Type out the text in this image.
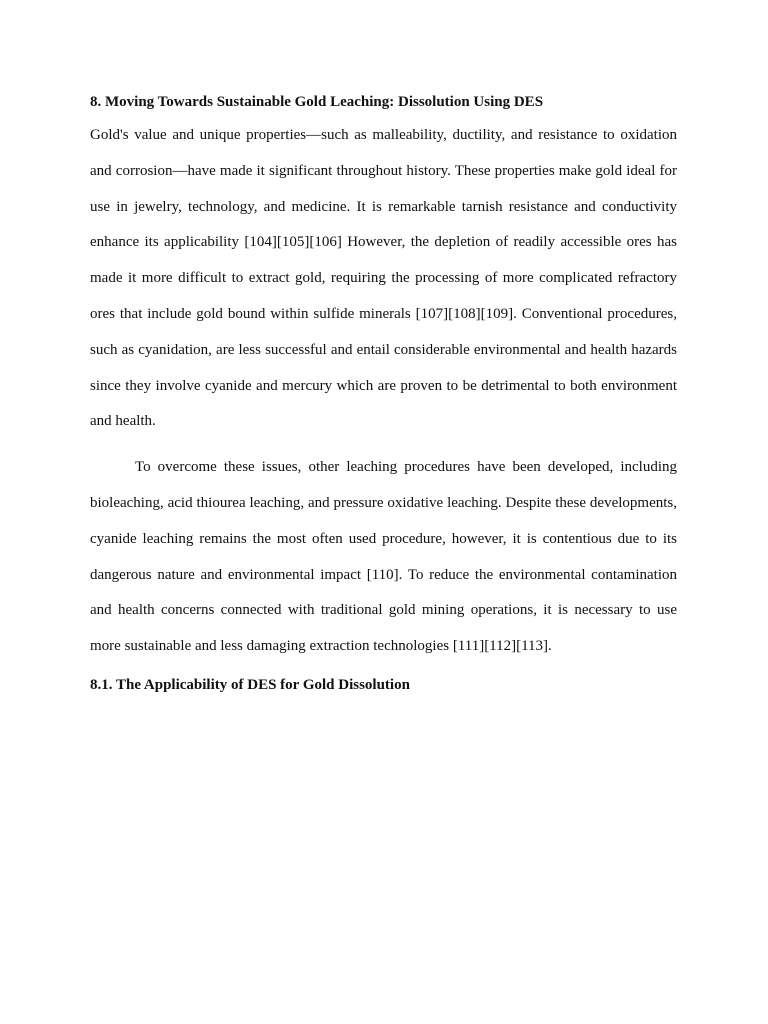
8. Moving Towards Sustainable Gold Leaching: Dissolution Using DES

Gold's value and unique properties—such as malleability, ductility, and resistance to oxidation and corrosion—have made it significant throughout history. These properties make gold ideal for use in jewelry, technology, and medicine. It is remarkable tarnish resistance and conductivity enhance its applicability [104][105][106] However, the depletion of readily accessible ores has made it more difficult to extract gold, requiring the processing of more complicated refractory ores that include gold bound within sulfide minerals [107][108][109]. Conventional procedures, such as cyanidation, are less successful and entail considerable environmental and health hazards since they involve cyanide and mercury which are proven to be detrimental to both environment and health.

To overcome these issues, other leaching procedures have been developed, including bioleaching, acid thiourea leaching, and pressure oxidative leaching. Despite these developments, cyanide leaching remains the most often used procedure, however, it is contentious due to its dangerous nature and environmental impact [110]. To reduce the environmental contamination and health concerns connected with traditional gold mining operations, it is necessary to use more sustainable and less damaging extraction technologies [111][112][113].

8.1. The Applicability of DES for Gold Dissolution
